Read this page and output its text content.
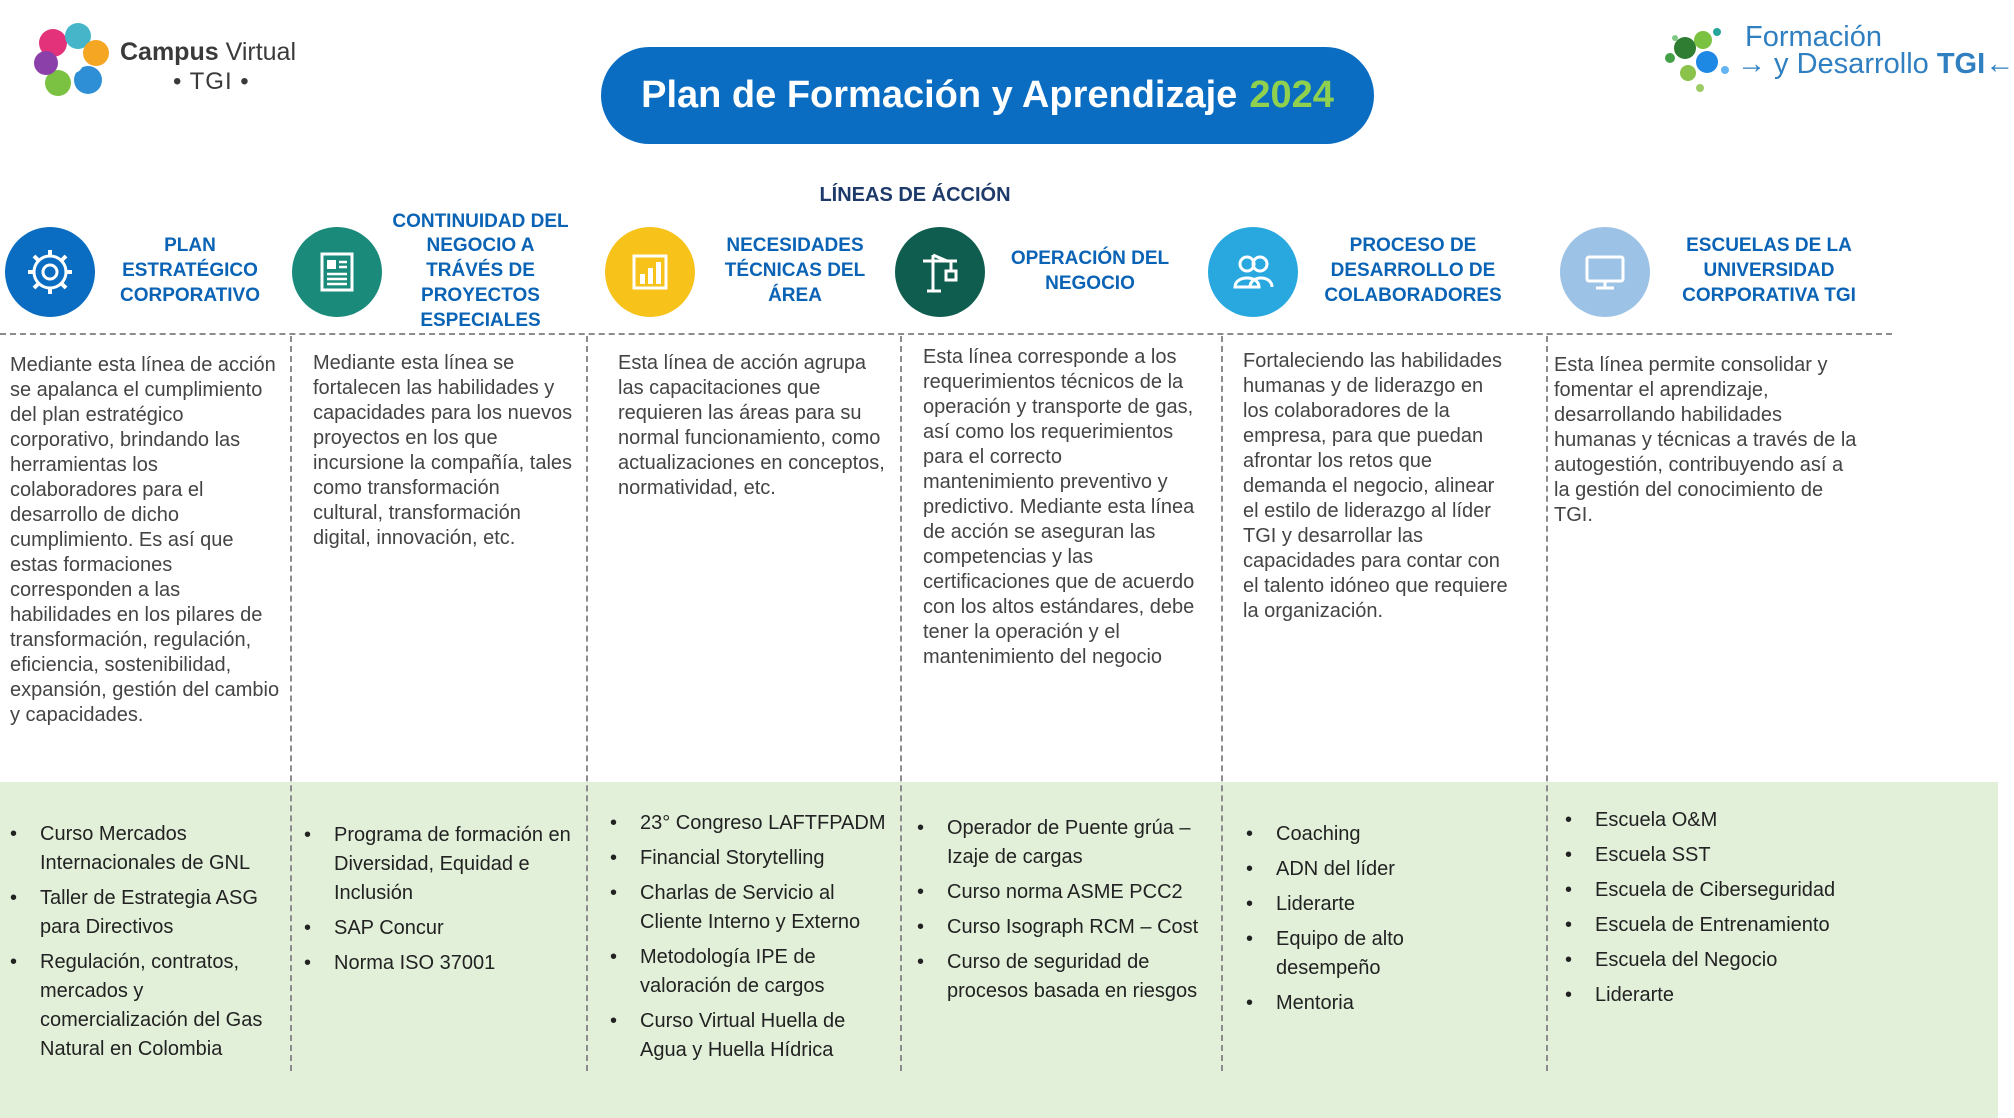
Campus Virtual
• TGI •	Plan de Formación y Aprendizaje 2024
Formación
→ y Desarrollo TGI←
LÍNEAS DE ÁCCIÓN
PLAN ESTRATÉGICO CORPORATIVO
CONTINUIDAD DEL NEGOCIO A TRÁVÉS DE PROYECTOS ESPECIALES
NECESIDADES TÉCNICAS DEL ÁREA
OPERACIÓN DEL NEGOCIO
PROCESO DE DESARROLLO DE COLABORADORES
ESCUELAS DE LA UNIVERSIDAD CORPORATIVA TGI
Mediante esta línea de acción se apalanca el cumplimiento del plan estratégico corporativo, brindando las herramientas los colaboradores para el desarrollo de dicho cumplimiento. Es así que estas formaciones corresponden a las habilidades en los pilares de transformación, regulación, eficiencia, sostenibilidad, expansión, gestión del cambio y capacidades.
Mediante esta línea se fortalecen las habilidades y capacidades para los nuevos proyectos en los que incursione la compañía, tales como transformación cultural, transformación digital, innovación, etc.
Esta línea de acción agrupa las capacitaciones que requieren las áreas para su normal funcionamiento, como actualizaciones en conceptos, normatividad, etc.
Esta línea corresponde a los requerimientos técnicos de la operación y transporte de gas, así como los requerimientos para el correcto mantenimiento preventivo y predictivo. Mediante esta línea de acción se aseguran las competencias y las certificaciones que de acuerdo con los altos estándares, debe tener la operación y el mantenimiento del negocio
Fortaleciendo las habilidades humanas y de liderazgo en los colaboradores de la empresa, para que puedan afrontar los retos que demanda el negocio, alinear el estilo de liderazgo al líder TGI y desarrollar las capacidades para contar con el talento idóneo que requiere la organización.
Esta línea permite consolidar y fomentar el aprendizaje, desarrollando habilidades humanas y técnicas a través de la autogestión, contribuyendo así a la gestión del conocimiento de TGI.
• Curso Mercados Internacionales de GNL
• Taller de Estrategia ASG para Directivos
• Regulación, contratos, mercados y comercialización del Gas Natural en Colombia
• Programa de formación en Diversidad, Equidad e Inclusión
• SAP Concur
• Norma ISO 37001
• 23° Congreso LAFTFPADM
• Financial Storytelling
• Charlas de Servicio al Cliente Interno y Externo
• Metodología IPE de valoración de cargos
• Curso Virtual Huella de Agua y Huella Hídrica
• Operador de Puente grúa – Izaje de cargas
• Curso norma ASME PCC2
• Curso Isograph RCM – Cost
• Curso de seguridad de procesos basada en riesgos
• Coaching
• ADN del líder
• Liderarte
• Equipo de alto desempeño
• Mentoria
• Escuela O&M
• Escuela SST
• Escuela de Ciberseguridad
• Escuela de Entrenamiento
• Escuela del Negocio
• Liderarte
